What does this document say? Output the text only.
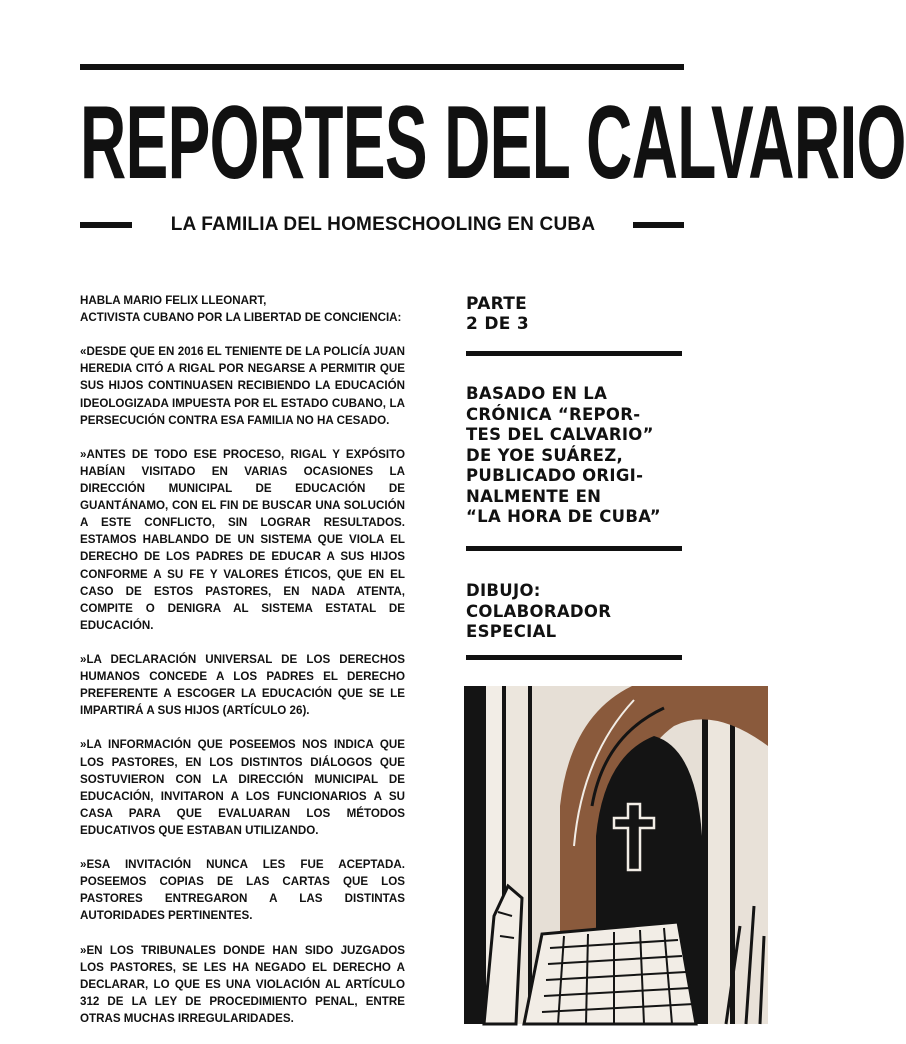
REPORTES DEL CALVARIO
LA FAMILIA DEL HOMESCHOOLING EN CUBA

HABLA MARIO FELIX LLEONART,
ACTIVISTA CUBANO POR LA LIBERTAD DE CONCIENCIA:

«DESDE QUE EN 2016 EL TENIENTE DE LA POLICÍA JUAN HEREDIA CITÓ A RIGAL POR NEGARSE A PERMITIR QUE SUS HIJOS CONTINUASEN RECIBIENDO LA EDUCACIÓN IDEOLOGIZADA IMPUESTA POR EL ESTADO CUBANO, LA PERSECUCIÓN CONTRA ESA FAMILIA NO HA CESADO.

»ANTES DE TODO ESE PROCESO, RIGAL Y EXPÓSITO HABÍAN VISITADO EN VARIAS OCASIONES LA DIRECCIÓN MUNICIPAL DE EDUCACIÓN DE GUANTÁNAMO, CON EL FIN DE BUSCAR UNA SOLUCIÓN A ESTE CONFLICTO, SIN LOGRAR RESULTADOS. ESTAMOS HABLANDO DE UN SISTEMA QUE VIOLA EL DERECHO DE LOS PADRES DE EDUCAR A SUS HIJOS CONFORME A SU FE Y VALORES ÉTICOS, QUE EN EL CASO DE ESTOS PASTORES, EN NADA ATENTA, COMPITE O DENIGRA AL SISTEMA ESTATAL DE EDUCACIÓN.

»LA DECLARACIÓN UNIVERSAL DE LOS DERECHOS HUMANOS CONCEDE A LOS PADRES EL DERECHO PREFERENTE A ESCOGER LA EDUCACIÓN QUE SE LE IMPARTIRÁ A SUS HIJOS (ARTÍCULO 26).

»LA INFORMACIÓN QUE POSEEMOS NOS INDICA QUE LOS PASTORES, EN LOS DISTINTOS DIÁLOGOS QUE SOSTUVIERON CON LA DIRECCIÓN MUNICIPAL DE EDUCACIÓN, INVITARON A LOS FUNCIONARIOS A SU CASA PARA QUE EVALUARAN LOS MÉTODOS EDUCATIVOS QUE ESTABAN UTILIZANDO.

»ESA INVITACIÓN NUNCA LES FUE ACEPTADA. POSEEMOS COPIAS DE LAS CARTAS QUE LOS PASTORES ENTREGARON A LAS DISTINTAS AUTORIDADES PERTINENTES.

»EN LOS TRIBUNALES DONDE HAN SIDO JUZGADOS LOS PASTORES, SE LES HA NEGADO EL DERECHO A DECLARAR, LO QUE ES UNA VIOLACIÓN AL ARTÍCULO 312 DE LA LEY DE PROCEDIMIENTO PENAL, ENTRE OTRAS MUCHAS IRREGULARIDADES.

PARTE
2 DE 3
BASADO EN LA
CRÓNICA “REPOR-
TES DEL CALVARIO”
DE YOE SUÁREZ,
PUBLICADO ORIGI-
NALMENTE EN
“LA HORA DE CUBA”
DIBUJO:
COLABORADOR
ESPECIAL
